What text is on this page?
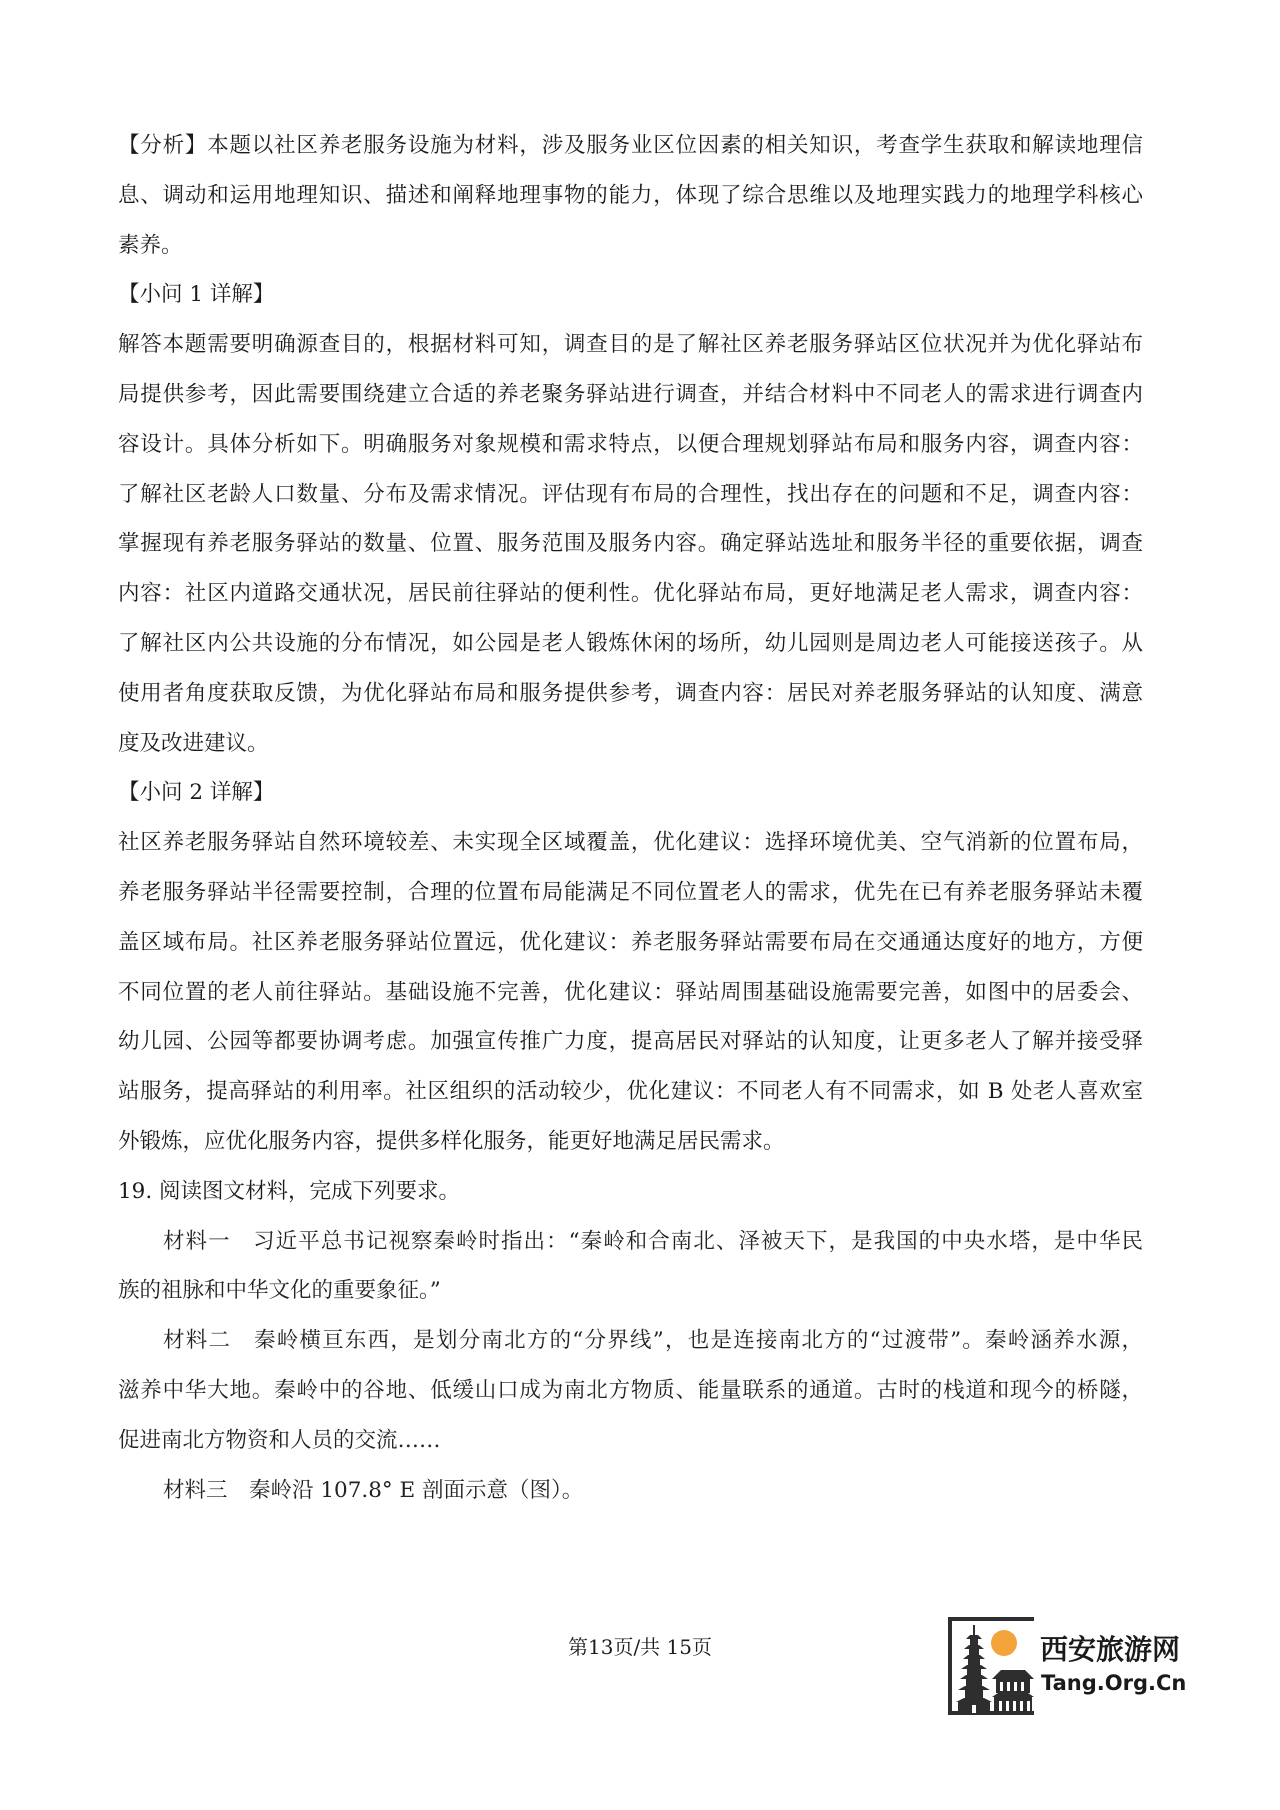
【分析】本题以社区养老服务设施为材料，涉及服务业区位因素的相关知识，考查学生获取和解读地理信
息、调动和运用地理知识、描述和阐释地理事物的能力，体现了综合思维以及地理实践力的地理学科核心
素养。
【小问 1 详解】
解答本题需要明确源查目的，根据材料可知，调查目的是了解社区养老服务驿站区位状况并为优化驿站布
局提供参考，因此需要围绕建立合适的养老聚务驿站进行调查，并结合材料中不同老人的需求进行调查内
容设计。具体分析如下。明确服务对象规模和需求特点，以便合理规划驿站布局和服务内容，调查内容：
了解社区老龄人口数量、分布及需求情况。评估现有布局的合理性，找出存在的问题和不足，调查内容：
掌握现有养老服务驿站的数量、位置、服务范围及服务内容。确定驿站选址和服务半径的重要依据，调查
内容：社区内道路交通状况，居民前往驿站的便利性。优化驿站布局，更好地满足老人需求，调查内容：
了解社区内公共设施的分布情况，如公园是老人锻炼休闲的场所，幼儿园则是周边老人可能接送孩子。从
使用者角度获取反馈，为优化驿站布局和服务提供参考，调查内容：居民对养老服务驿站的认知度、满意
度及改进建议。
【小问 2 详解】
社区养老服务驿站自然环境较差、未实现全区域覆盖，优化建议：选择环境优美、空气消新的位置布局，
养老服务驿站半径需要控制，合理的位置布局能满足不同位置老人的需求，优先在已有养老服务驿站未覆
盖区域布局。社区养老服务驿站位置远，优化建议：养老服务驿站需要布局在交通通达度好的地方，方便
不同位置的老人前往驿站。基础设施不完善，优化建议：驿站周围基础设施需要完善，如图中的居委会、
幼儿园、公园等都要协调考虑。加强宣传推广力度，提高居民对驿站的认知度，让更多老人了解并接受驿
站服务，提高驿站的利用率。社区组织的活动较少，优化建议：不同老人有不同需求，如 B 处老人喜欢室
外锻炼，应优化服务内容，提供多样化服务，能更好地满足居民需求。
19. 阅读图文材料，完成下列要求。
材料一　习近平总书记视察秦岭时指出：“秦岭和合南北、泽被天下，是我国的中央水塔，是中华民
族的祖脉和中华文化的重要象征。”
材料二　秦岭横亘东西，是划分南北方的“分界线”，也是连接南北方的“过渡带”。秦岭涵养水源，
滋养中华大地。秦岭中的谷地、低缓山口成为南北方物质、能量联系的通道。古时的栈道和现今的桥隧，
促进南北方物资和人员的交流……
材料三　秦岭沿 107.8° E 剖面示意（图）。
第13页/共 15页	西安旅游网
Tang.Org.Cn
